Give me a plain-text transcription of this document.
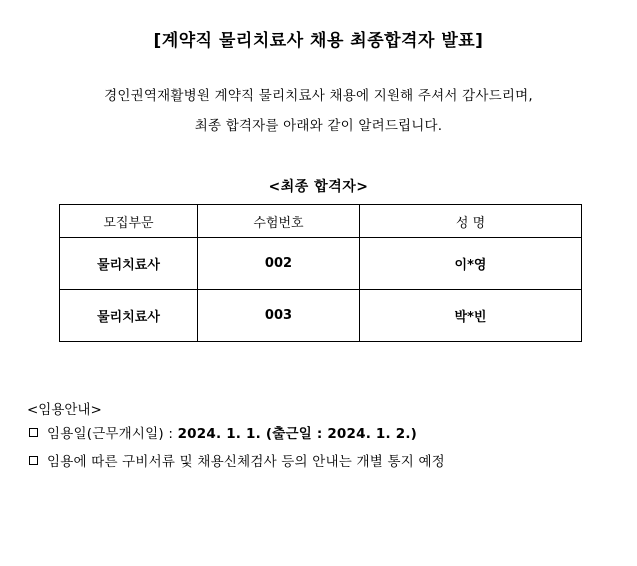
[계약직 물리치료사 채용 최종합격자 발표]
경인권역재활병원 계약직 물리치료사 채용에 지원해 주셔서 감사드리며,
최종 합격자를 아래와 같이 알려드립니다.
<최종 합격자>
모집부문	수험번호	성 명
물리치료사	002	이*영
물리치료사	003	박*빈
<임용안내>
임용일(근무개시일) : 2024. 1. 1. (출근일 : 2024. 1. 2.)
임용에 따른 구비서류 및 채용신체검사 등의 안내는 개별 통지 예정
